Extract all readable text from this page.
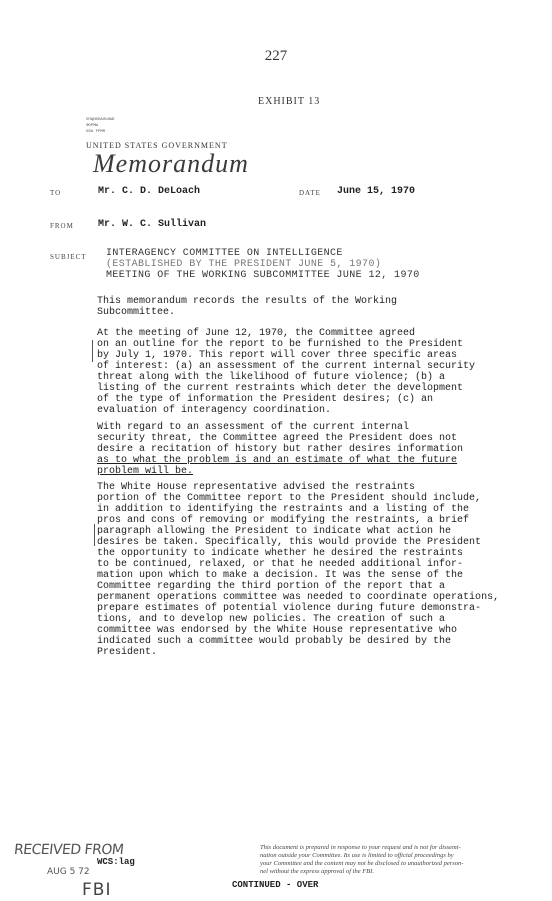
227
EXHIBIT 13
ОПЦИОНАЛЬНЫЕ
ФОРМЫ
GSA FPMR
UNITED STATES GOVERNMENT
Memorandum
TO	Mr. C. D. DeLoach	DATE June 15, 1970
FROM Mr. W. C. Sullivan
SUBJECT INTERAGENCY COMMITTEE ON INTELLIGENCE
(ESTABLISHED BY THE PRESIDENT JUNE 5, 1970)
MEETING OF THE WORKING SUBCOMMITTEE JUNE 12, 1970
This memorandum records the results of the Working
Subcommittee.
At the meeting of June 12, 1970, the Committee agreed
on an outline for the report to be furnished to the President
by July 1, 1970. This report will cover three specific areas
of interest: (a) an assessment of the current internal security
threat along with the likelihood of future violence; (b) a
listing of the current restraints which deter the development
of the type of information the President desires; (c) an
evaluation of interagency coordination.
With regard to an assessment of the current internal
security threat, the Committee agreed the President does not
desire a recitation of history but rather desires information
as to what the problem is and an estimate of what the future
problem will be.
The White House representative advised the restraints
portion of the Committee report to the President should include,
in addition to identifying the restraints and a listing of the
pros and cons of removing or modifying the restraints, a brief
paragraph allowing the President to indicate what action he
desires be taken. Specifically, this would provide the President
the opportunity to indicate whether he desired the restraints
to be continued, relaxed, or that he needed additional infor-
mation upon which to make a decision. It was the sense of the
Committee regarding the third portion of the report that a
permanent operations committee was needed to coordinate operations,
prepare estimates of potential violence during future demonstra-
tions, and to develop new policies. The creation of such a
committee was endorsed by the White House representative who
indicated such a committee would probably be desired by the
President.
RECEIVED FROM
AUG 5 72
FBI
WCS:lag
This document is prepared in response to your request and is not for dissemi-
nation outside your Committee. Its use is limited to official proceedings by
your Committee and the content may not be disclosed to unauthorized person-
nel without the express approval of the FBI.
CONTINUED - OVER
